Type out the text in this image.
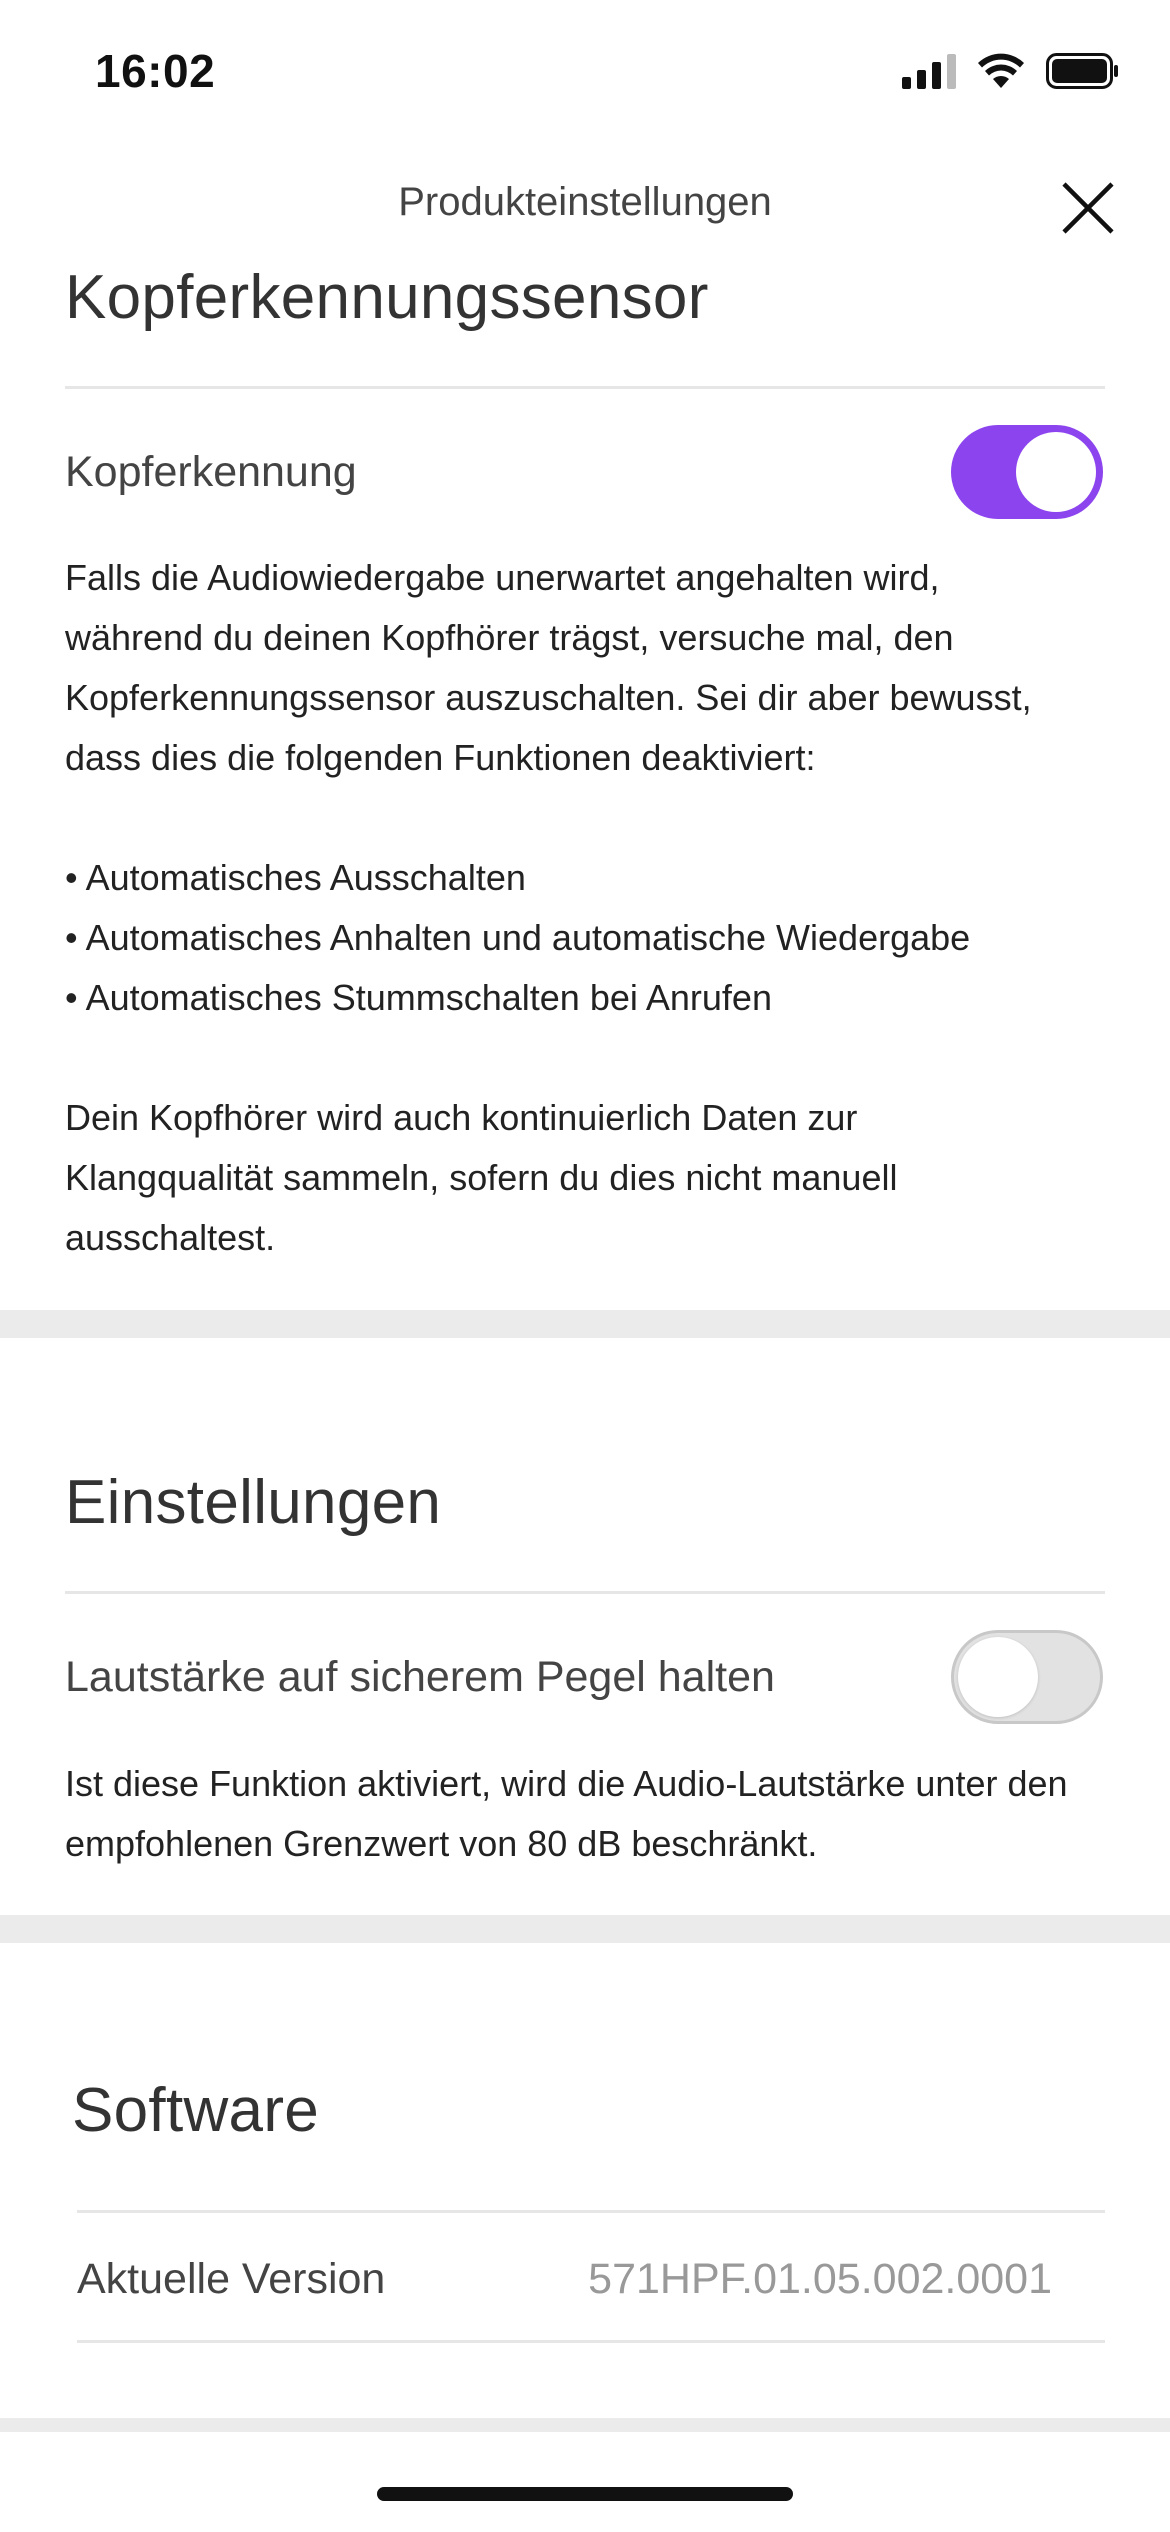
16:02
Produkteinstellungen
Kopferkennungssensor
Kopferkennung
Falls die Audiowiedergabe unerwartet angehalten wird,
während du deinen Kopfhörer trägst, versuche mal, den
Kopferkennungssensor auszuschalten. Sei dir aber bewusst,
dass dies die folgenden Funktionen deaktiviert:
• Automatisches Ausschalten
• Automatisches Anhalten und automatische Wiedergabe
• Automatisches Stummschalten bei Anrufen
Dein Kopfhörer wird auch kontinuierlich Daten zur
Klangqualität sammeln, sofern du dies nicht manuell
ausschaltest.
Einstellungen
Lautstärke auf sicherem Pegel halten
Ist diese Funktion aktiviert, wird die Audio-Lautstärke unter den
empfohlenen Grenzwert von 80 dB beschränkt.
Software
Aktuelle Version	571HPF.01.05.002.0001
